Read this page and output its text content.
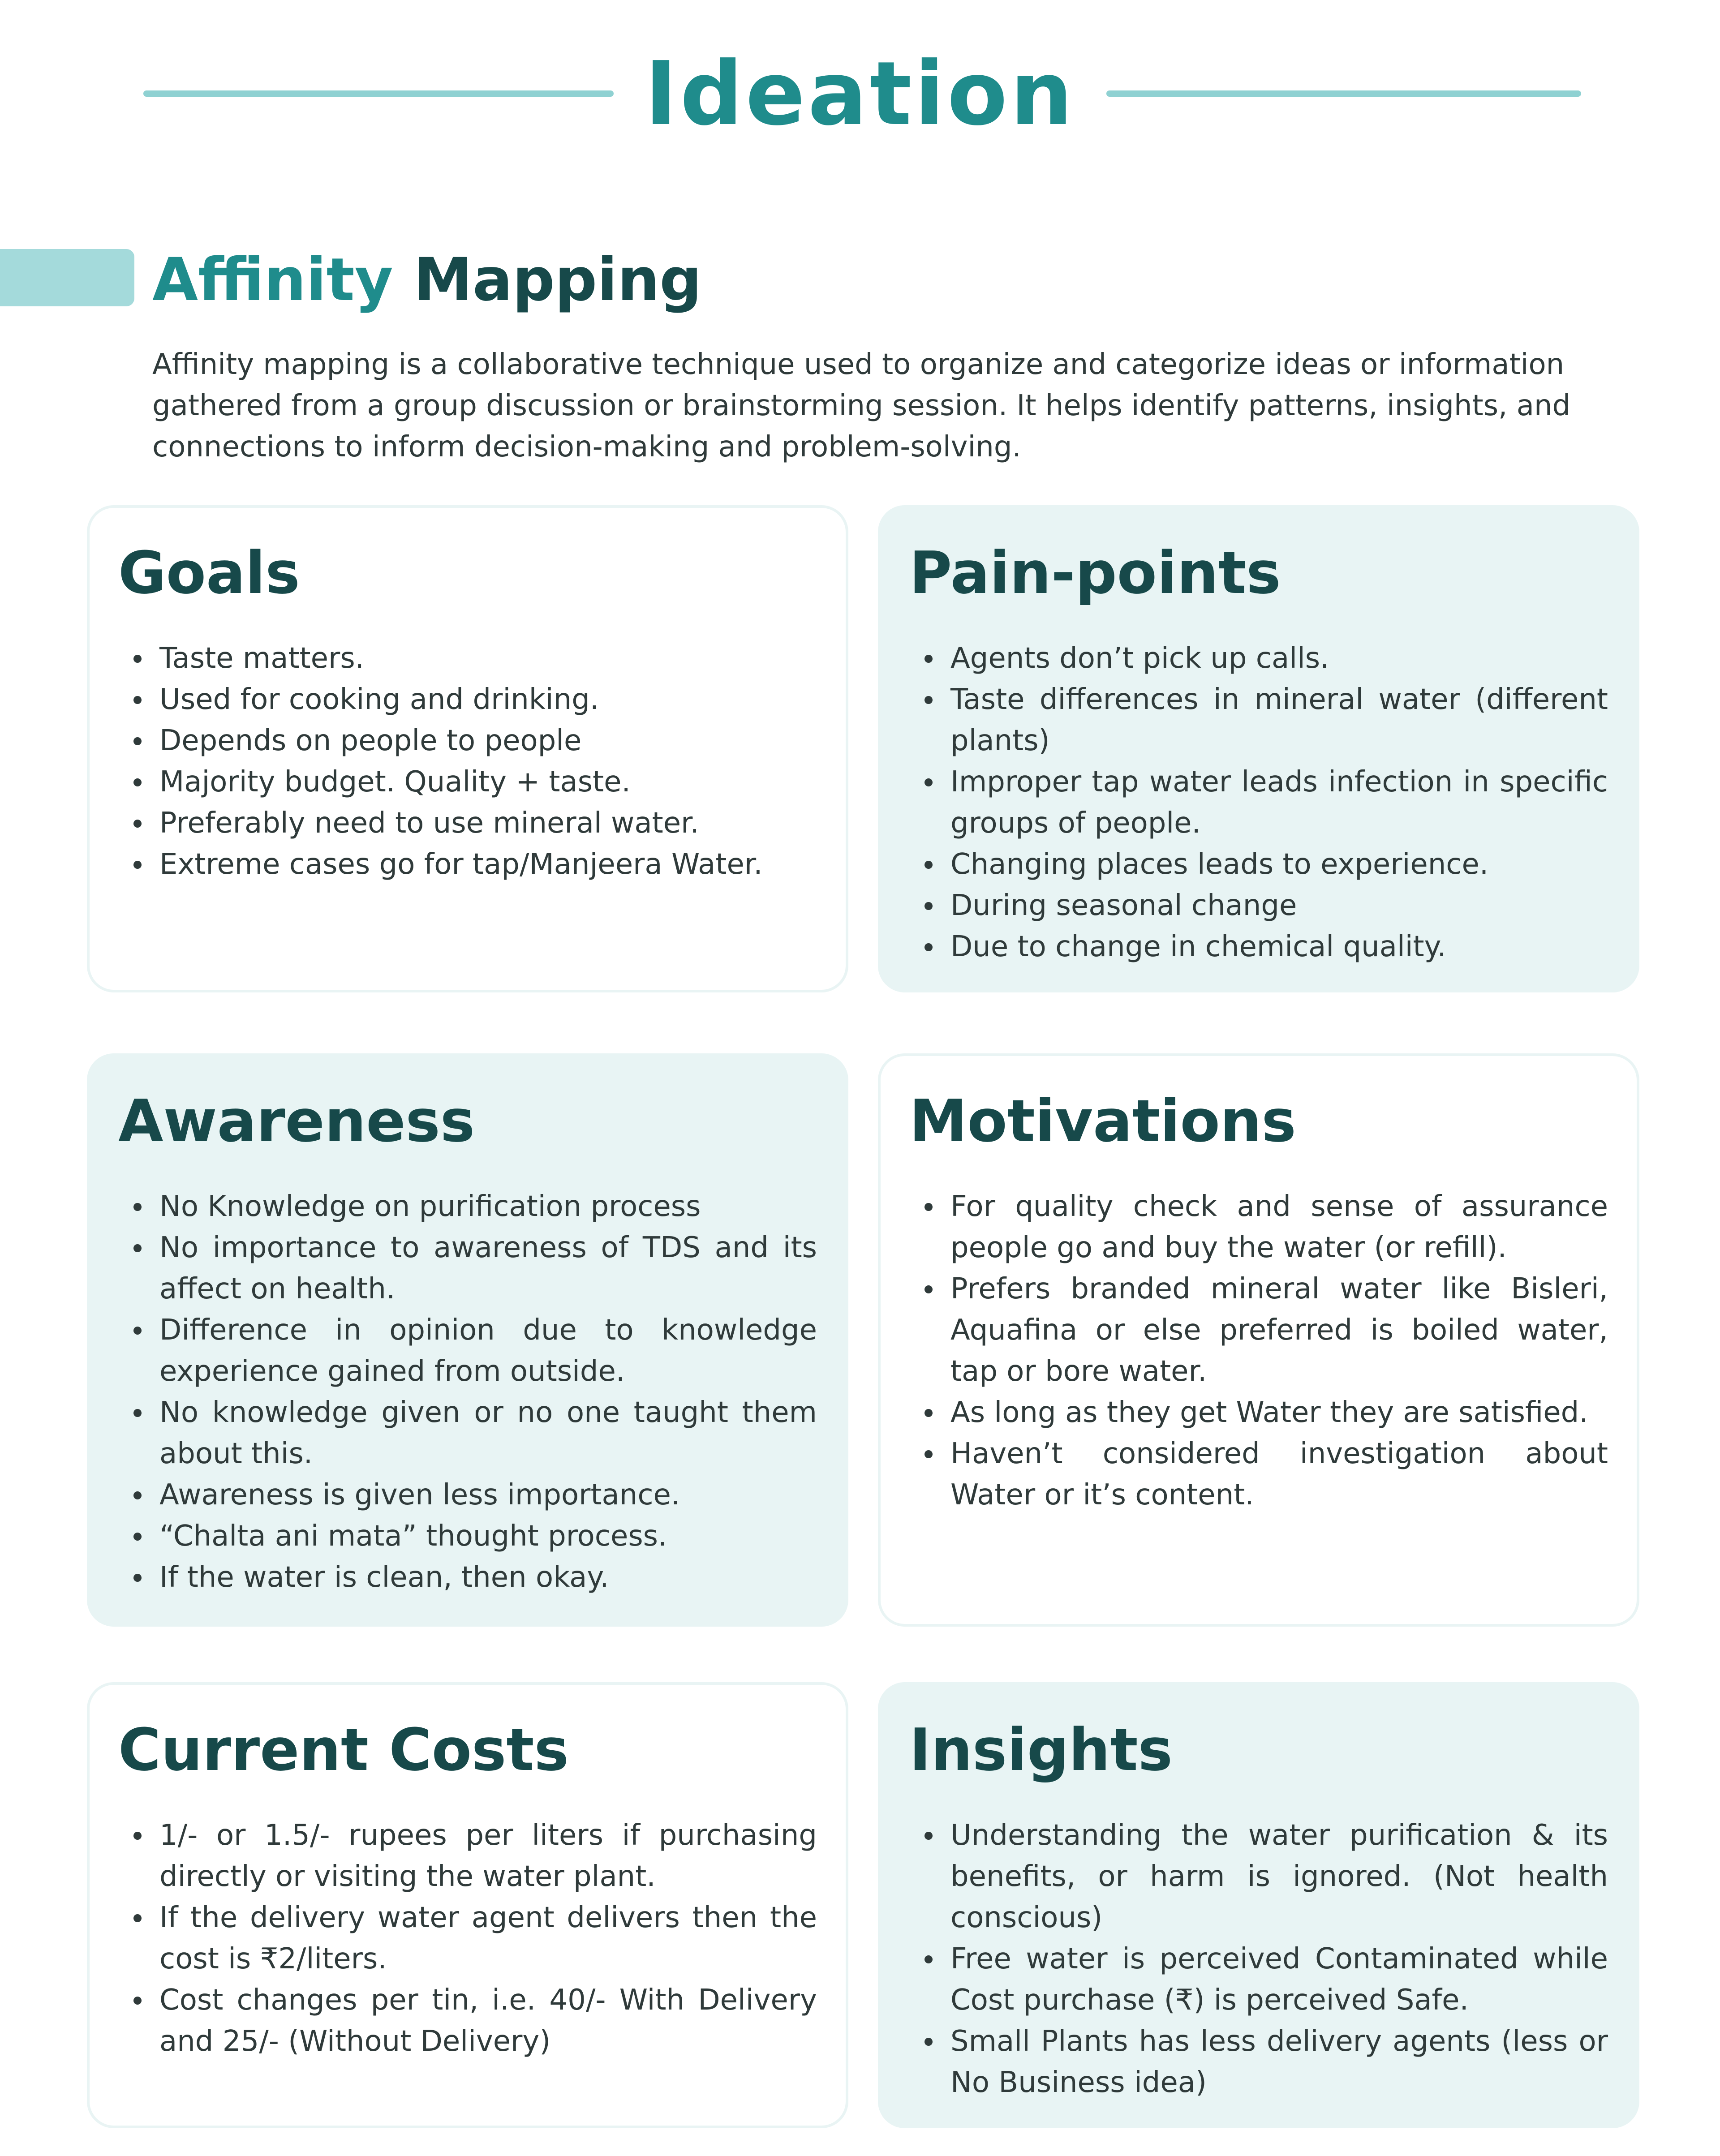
Ideation
Affinity Mapping

Affinity mapping is a collaborative technique used to organize and categorize ideas or information gathered from a group discussion or brainstorming session. It helps identify patterns, insights, and connections to inform decision-making and problem-solving.

Goals
Taste matters.
Used for cooking and drinking.
Depends on people to people
Majority budget. Quality + taste.
Preferably need to use mineral water.
Extreme cases go for tap/Manjeera Water.
Pain-points
Agents don’t pick up calls.
Taste differences in mineral water (different plants)
Improper tap water leads infection in specific groups of people.
Changing places leads to experience.
During seasonal change
Due to change in chemical quality.
Awareness
No Knowledge on purification process
No importance to awareness of TDS and its affect on health.
Difference in opinion due to knowledge experience gained from outside.
No knowledge given or no one taught them about this.
Awareness is given less importance.
“Chalta ani mata” thought process.
If the water is clean, then okay.
Motivations
For quality check and sense of assurance people go and buy the water (or refill).
Prefers branded mineral water like Bisleri, Aquafina or else preferred is boiled water, tap or bore water.
As long as they get Water they are satisfied.
Haven’t considered investigation about Water or it’s content.
Current Costs
1/- or 1.5/- rupees per liters if purchasing directly or visiting the water plant.
If the delivery water agent delivers then the cost is ₹2/liters.
Cost changes per tin, i.e. 40/- With Delivery and 25/- (Without Delivery)
Insights
Understanding the water purification & its benefits, or harm is ignored. (Not health conscious)
Free water is perceived Contaminated while Cost purchase (₹) is perceived Safe.
Small Plants has less delivery agents (less or No Business idea)
